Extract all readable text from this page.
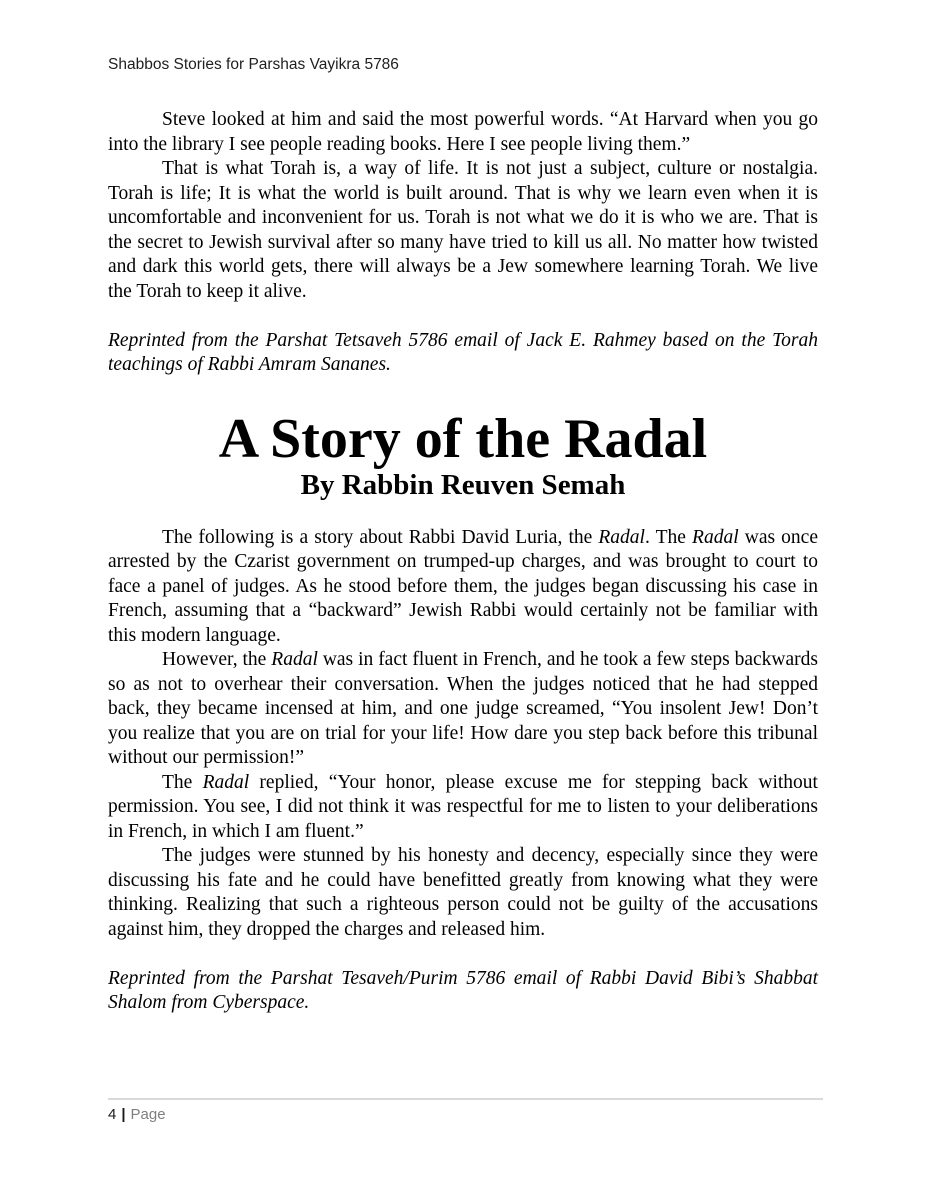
Shabbos Stories for Parshas Vayikra 5786

Steve looked at him and said the most powerful words. “At Harvard when you go into the library I see people reading books. Here I see people living them.”

That is what Torah is, a way of life. It is not just a subject, culture or nostalgia. Torah is life; It is what the world is built around. That is why we learn even when it is uncomfortable and inconvenient for us. Torah is not what we do it is who we are. That is the secret to Jewish survival after so many have tried to kill us all. No matter how twisted and dark this world gets, there will always be a Jew somewhere learning Torah. We live the Torah to keep it alive.

Reprinted from the Parshat Tetsaveh 5786 email of Jack E. Rahmey based on the Torah teachings of Rabbi Amram Sananes.

A Story of the Radal
By Rabbin Reuven Semah

The following is a story about Rabbi David Luria, the Radal. The Radal was once arrested by the Czarist government on trumped-up charges, and was brought to court to face a panel of judges. As he stood before them, the judges began discussing his case in French, assuming that a “backward” Jewish Rabbi would certainly not be familiar with this modern language.

However, the Radal was in fact fluent in French, and he took a few steps backwards so as not to overhear their conversation. When the judges noticed that he had stepped back, they became incensed at him, and one judge screamed, “You insolent Jew! Don’t you realize that you are on trial for your life! How dare you step back before this tribunal without our permission!”

The Radal replied, “Your honor, please excuse me for stepping back without permission. You see, I did not think it was respectful for me to listen to your deliberations in French, in which I am fluent.”

The judges were stunned by his honesty and decency, especially since they were discussing his fate and he could have benefitted greatly from knowing what they were thinking. Realizing that such a righteous person could not be guilty of the accusations against him, they dropped the charges and released him.

Reprinted from the Parshat Tesaveh/Purim 5786 email of Rabbi David Bibi’s Shabbat Shalom from Cyberspace.

4 | Page
